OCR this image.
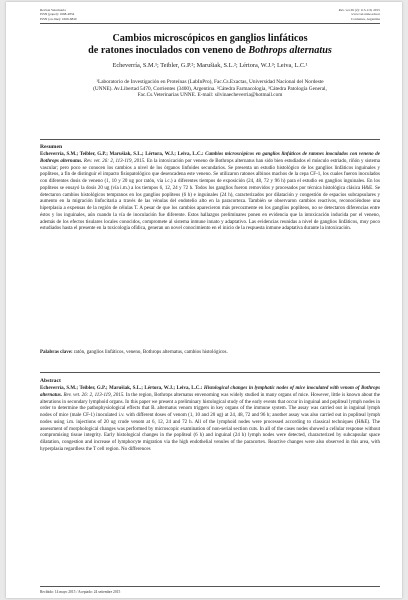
Revista Veterinaria
ISSN (papel): 1668-4834
ISSN (on-line): 1669-6840
Rev. vet 26 (2): 113-119, 2015
www.vet.unne.edu.ar
Corrientes, Argentina
Cambios microscópicos en ganglios linfáticos
de ratones inoculados con veneno de Bothrops alternatus
Echeverría, S.M.¹; Teibler, G.P.²; Marušiak, S.L.²; Lértora, W.J.³; Leiva, L.C.¹
¹Laboratorio de Investigación en Proteínas (LabInPro), Fac.Cs.Exactas, Universidad Nacional del Nordeste
(UNNE). Av.Libertad 5470, Corrientes (3400), Argentina. ²Cátedra Farmacología, ³Cátedra Patología General,
Fac.Cs.Veterinarias UNNE. E-mail: silvinaecheverria@hotmail.com
Resumen
Echeverría, S.M.; Teibler, G.P.; Marušiak, S.L.; Lértora, W.J.; Leiva, L.C.: Cambios microscópicos en ganglios linfáticos de ratones inoculados con veneno de Bothrops alternatus. Rev. vet. 26: 2, 113-119, 2015. En la intoxicación por veneno de Bothrops alternatus han sido bien estudiados el músculo estriado, riñón y sistema vascular; pero poco se conocen los cambios a nivel de los órganos linfoides secundarios. Se presenta un estudio histológico de los ganglios linfáticos inguinales y popliteos, a fin de distinguir el impacto fisiopatológico que desencadena este veneno. Se utilizaron ratones albinos machos de la cepa CF-1, los cuales fueron inoculados con diferentes dosis de veneno (1, 10 y 20 ug por ratón, vía i.c.) a diferentes tiempos de exposición (24, 48, 72 y 96 h) para el estudio en ganglios inguinales. En los popliteos se ensayó la dosis 20 ug (vía i.m.) a los tiempos 6, 12, 24 y 72 h. Todos los ganglios fueron removidos y procesados por técnica histológica clásica H&E. Se detectaron cambios histológicos tempranos en los ganglios popliteos (6 h) e inguinales (24 h), caracterizados por dilatación y congestión de espacios subcapsulares y aumento en la migración linfocitaria a través de las vénulas del endotelio alto en la paracorteza. También se observaron cambios reactivos, reconociéndose una hiperplasia a expensas de la región de células T. A pesar de que los cambios aparecieron más precozmente en los ganglios popliteos, no se detectaron diferencias entre éstos y los inguinales, aún cuando la vía de inoculación fue diferente. Estos hallazgos preliminares ponen en evidencia que la intoxicación inducida por el veneno, además de los efectos tisulares locales conocidos, compromete al sistema inmune innato y adaptativo. Las evidencias reunidas a nivel de ganglios linfáticos, muy poco estudiados hasta el presente en la toxicología ofídica, generan un novel conocimiento en el inicio de la respuesta inmune adaptativa durante la intoxicación.
Palabras clave: ratón, ganglios linfáticos, veneno, Bothrops alternatus, cambios histológicos.
Abstract
Echeverría, S.M.; Teibler, G.P.; Marušiak, S.L.; Lértora, W.J.; Leiva, L.C.: Histological changes in lymphatic nodes of mice inoculated with venom of Bothrops alternatus. Rev. vet. 26: 2, 113-119, 2015. In the region, Bothrops alternatus envenoming was widely studied in many organs of mice. However, little is known about the alterations in secondary lymphoid organs. In this paper we present a preliminary histological study of the early events that occur in inguinal and popliteal lymph nodes in order to determine the pathophysiological effects that B. alternatus venom triggers in key organs of the immune system. The assay was carried out in inguinal lymph nodes of mice (male CF-1) inoculated i.v. with different doses of venom (1, 10 and 20 ug) at 24, 48, 72 and 96 h; another assay was also carried out in popliteal lymph nodes using i.m. injections of 20 ug crude venom at 6, 12, 24 and 72 h. All of the lymphoid nodes were processed according to classical techniques (H&E). The assessment of morphological changes was performed by microscopic examination of non-serial section cuts. In all of the cases nodes showed a cellular response without compromising tissue integrity. Early histological changes in the popliteal (6 h) and inguinal (24 h) lymph nodes were detected, characterized by subcapsular space dilatation, congestion and increase of lymphocyte migration via the high endothelial venules of the paracortex. Reactive changes were also observed in this area, with hyperplasia regardless the T cell region. No differences
Recibido: 14 mayo 2015 / Aceptado: 24 setiembre 2015
